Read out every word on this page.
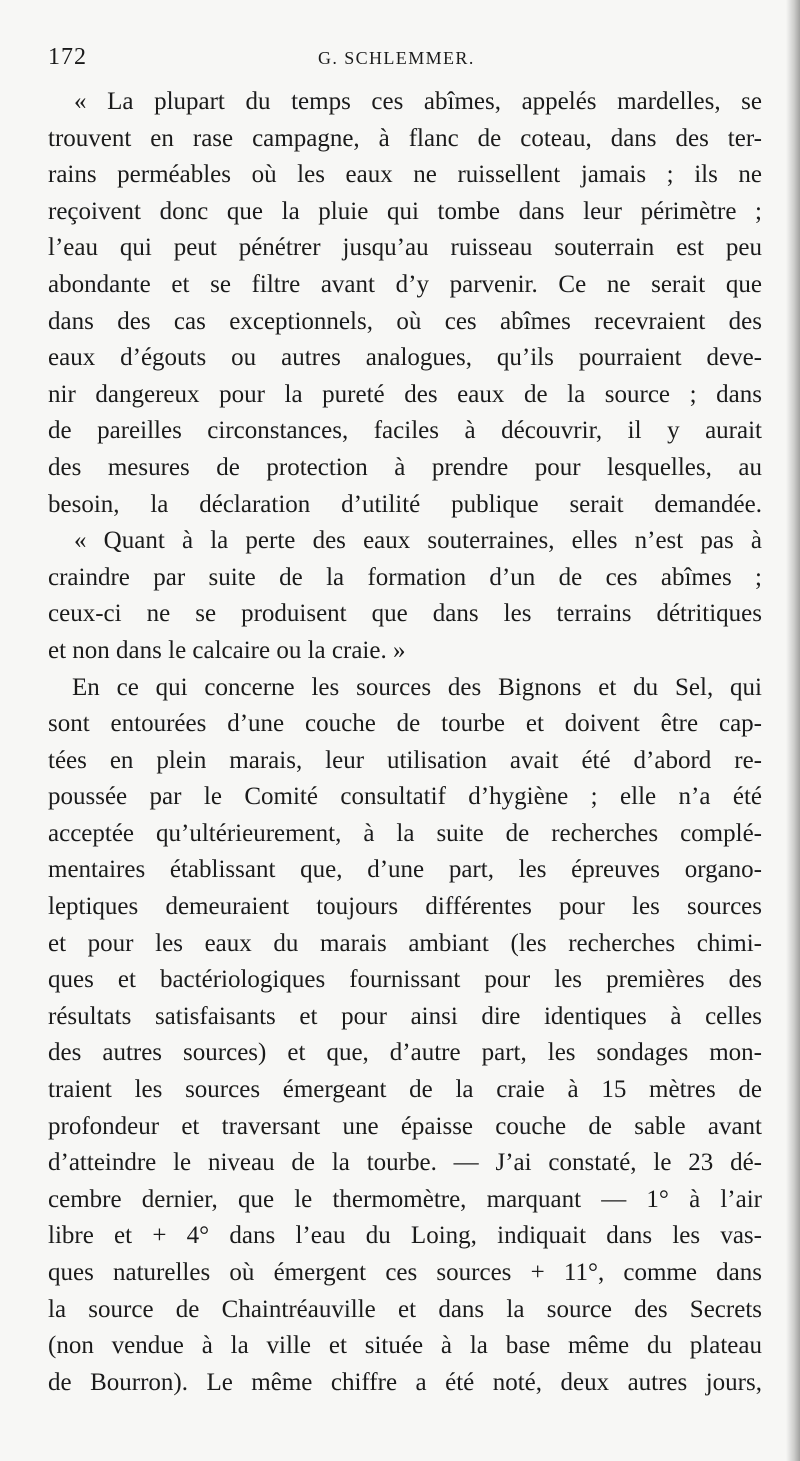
172	G. SCHLEMMER.
« La plupart du temps ces abîmes, appelés mardelles, se
trouvent en rase campagne, à flanc de coteau, dans des ter-
rains perméables où les eaux ne ruissellent jamais ; ils ne
reçoivent donc que la pluie qui tombe dans leur périmètre ;
l’eau qui peut pénétrer jusqu’au ruisseau souterrain est peu
abondante et se filtre avant d’y parvenir. Ce ne serait que
dans des cas exceptionnels, où ces abîmes recevraient des
eaux d’égouts ou autres analogues, qu’ils pourraient deve-
nir dangereux pour la pureté des eaux de la source ; dans
de pareilles circonstances, faciles à découvrir, il y aurait
des mesures de protection à prendre pour lesquelles, au
besoin, la déclaration d’utilité publique serait demandée.
« Quant à la perte des eaux souterraines, elles n’est pas à
craindre par suite de la formation d’un de ces abîmes ;
ceux-ci ne se produisent que dans les terrains détritiques
et non dans le calcaire ou la craie. »
En ce qui concerne les sources des Bignons et du Sel, qui
sont entourées d’une couche de tourbe et doivent être cap-
tées en plein marais, leur utilisation avait été d’abord re-
poussée par le Comité consultatif d’hygiène ; elle n’a été
acceptée qu’ultérieurement, à la suite de recherches complé-
mentaires établissant que, d’une part, les épreuves organo-
leptiques demeuraient toujours différentes pour les sources
et pour les eaux du marais ambiant (les recherches chimi-
ques et bactériologiques fournissant pour les premières des
résultats satisfaisants et pour ainsi dire identiques à celles
des autres sources) et que, d’autre part, les sondages mon-
traient les sources émergeant de la craie à 15 mètres de
profondeur et traversant une épaisse couche de sable avant
d’atteindre le niveau de la tourbe. — J’ai constaté, le 23 dé-
cembre dernier, que le thermomètre, marquant — 1° à l’air
libre et + 4° dans l’eau du Loing, indiquait dans les vas-
ques naturelles où émergent ces sources + 11°, comme dans
la source de Chaintréauville et dans la source des Secrets
(non vendue à la ville et située à la base même du plateau
de Bourron). Le même chiffre a été noté, deux autres jours,
